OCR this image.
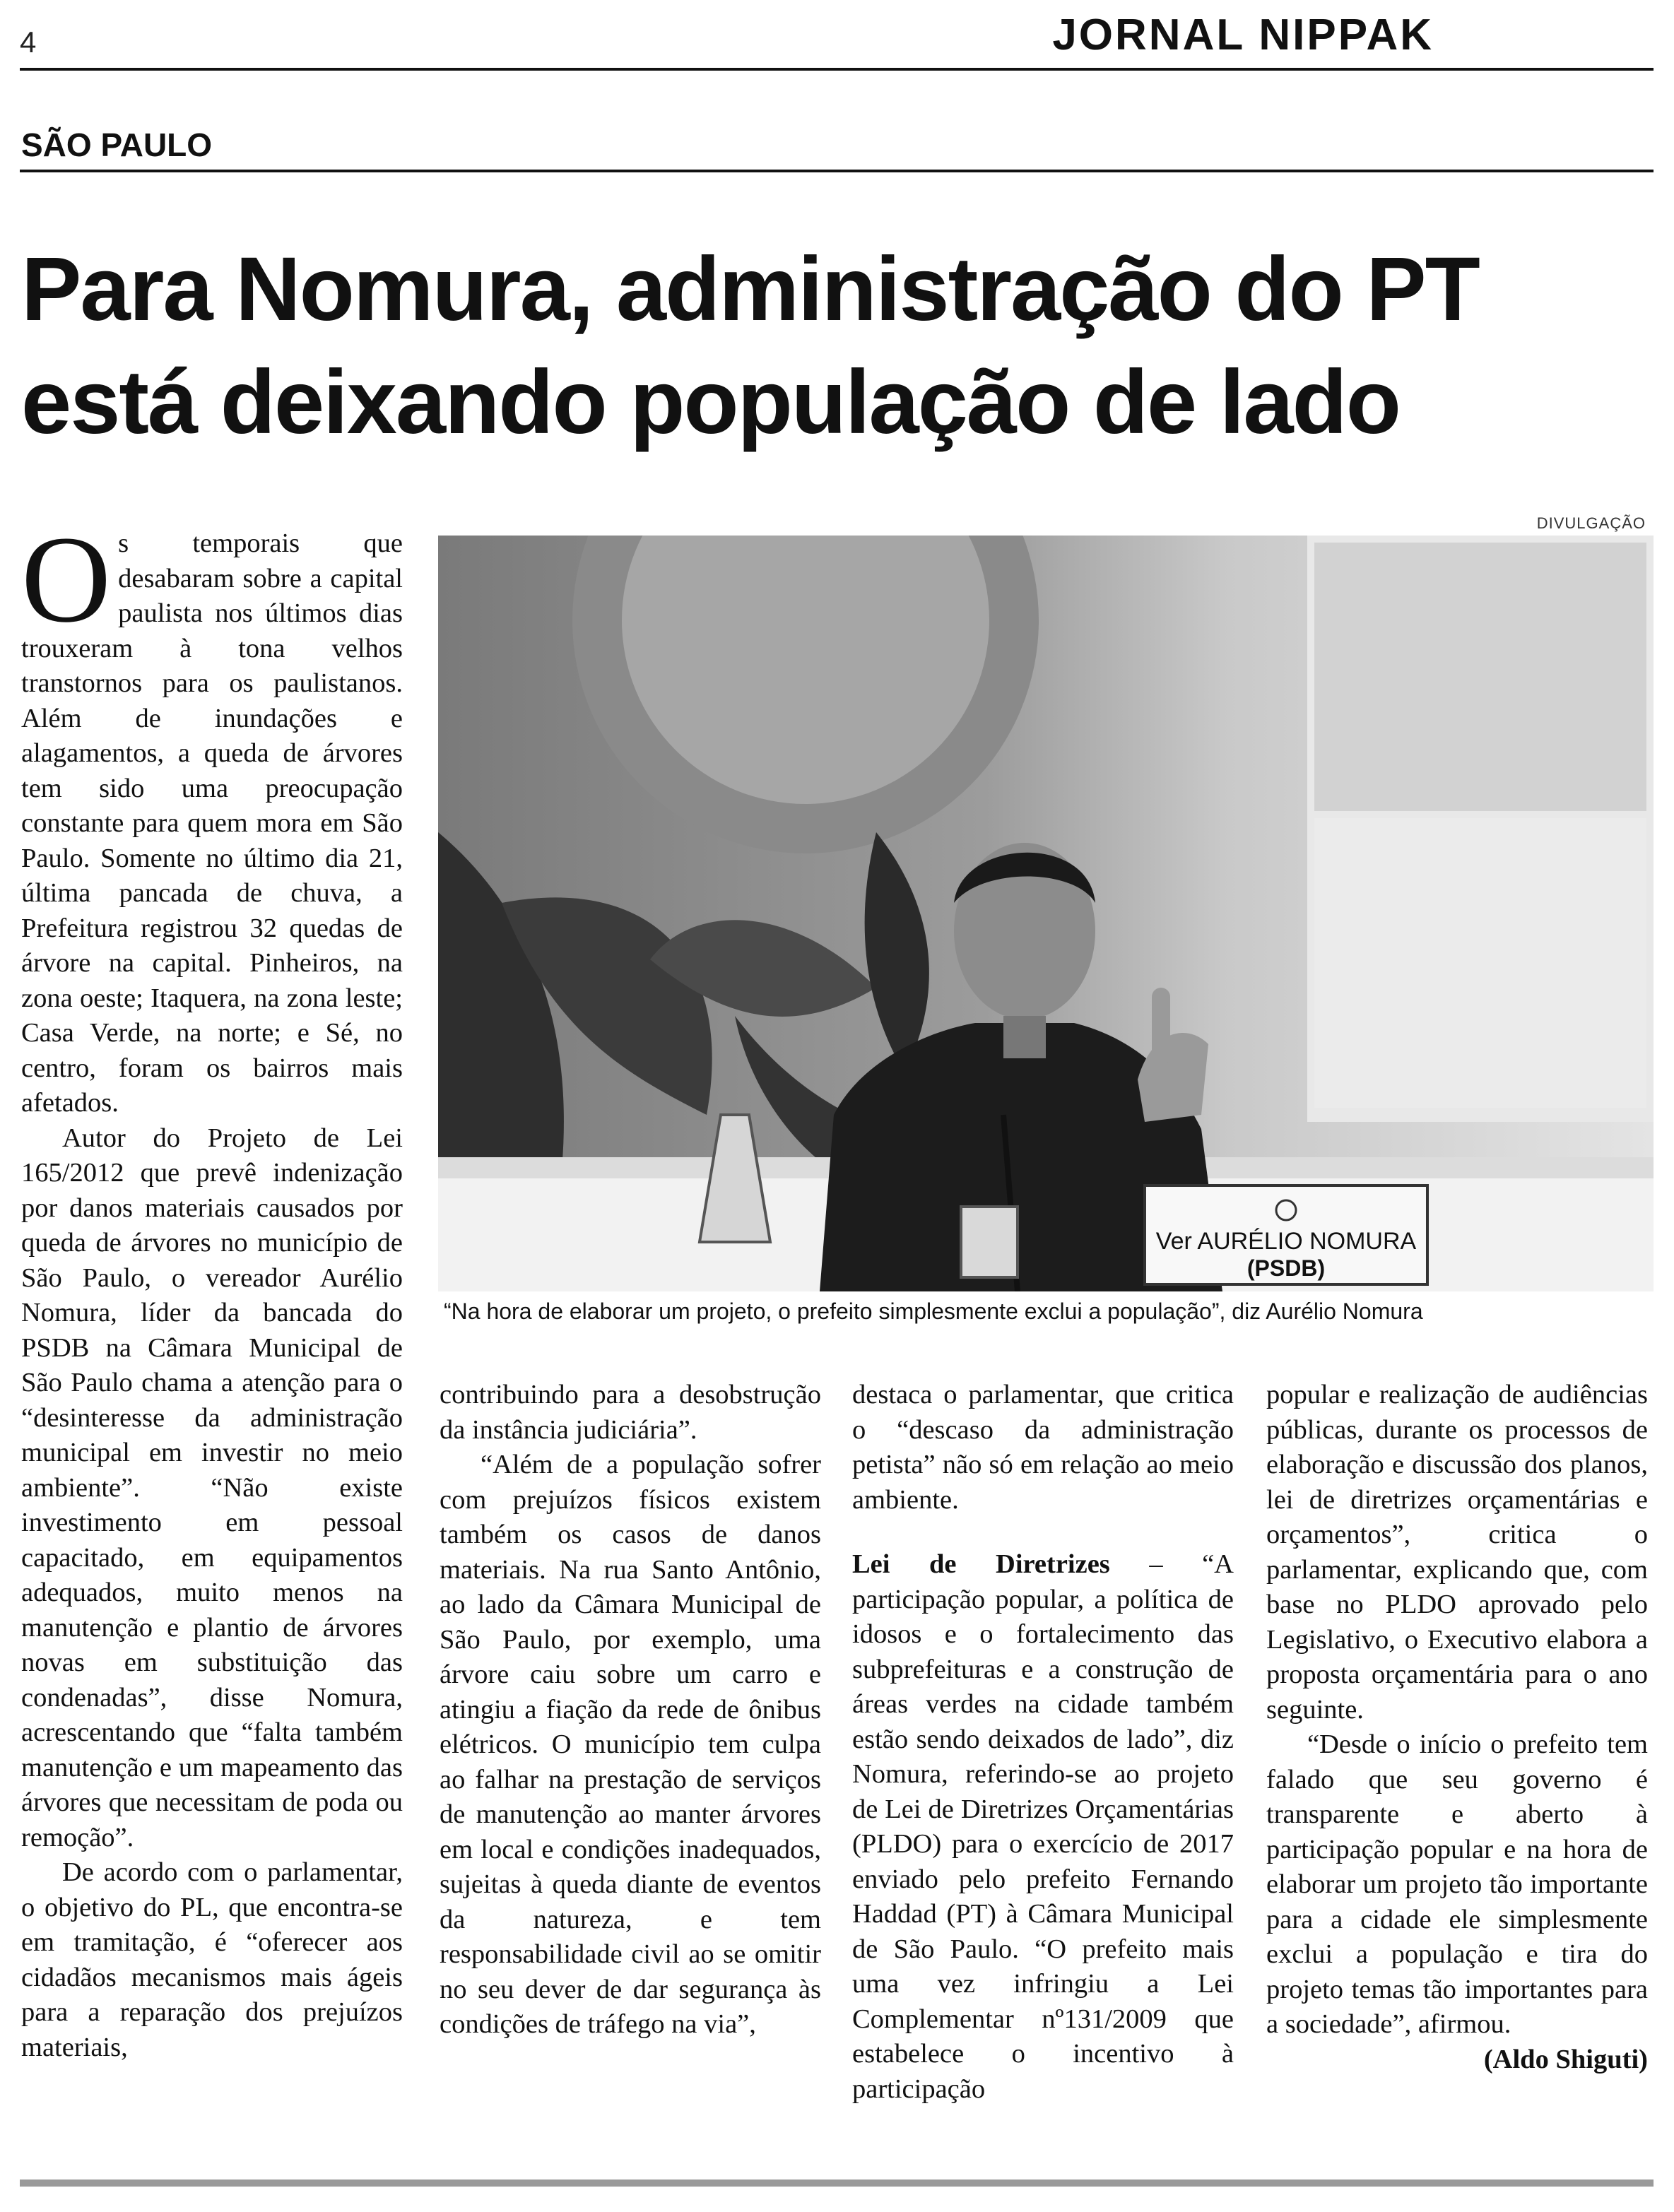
4	JORNAL NIPPAK
SÃO PAULO
Para Nomura, administração do PT está deixando população de lado
DIVULGAÇÃO
Ver AURÉLIO NOMURA
(PSDB)
“Na hora de elaborar um projeto, o prefeito simplesmente exclui a população”, diz Aurélio Nomura

Os temporais que desabaram sobre a capital paulista nos últimos dias trouxeram à tona velhos transtornos para os paulistanos. Além de inundações e alagamentos, a queda de árvores tem sido uma preocupação constante para quem mora em São Paulo. Somente no último dia 21, última pancada de chuva, a Prefeitura registrou 32 quedas de árvore na capital. Pinheiros, na zona oeste; Itaquera, na zona leste; Casa Verde, na norte; e Sé, no centro, foram os bairros mais afetados.

Autor do Projeto de Lei 165/2012 que prevê indenização por danos materiais causados por queda de árvores no município de São Paulo, o vereador Aurélio Nomura, líder da bancada do PSDB na Câmara Municipal de São Paulo chama a atenção para o “desinteresse da administração municipal em investir no meio ambiente”. “Não existe investimento em pessoal capacitado, em equipamentos adequados, muito menos na manutenção e plantio de árvores novas em substituição das condenadas”, disse Nomura, acrescentando que “falta também manutenção e um mapeamento das árvores que necessitam de poda ou remoção”.

De acordo com o parlamentar, o objetivo do PL, que encontra-se em tramitação, é “oferecer aos cidadãos mecanismos mais ágeis para a reparação dos prejuízos materiais,

contribuindo para a desobstrução da instância judiciária”.

“Além de a população sofrer com prejuízos físicos existem também os casos de danos materiais. Na rua Santo Antônio, ao lado da Câmara Municipal de São Paulo, por exemplo, uma árvore caiu sobre um carro e atingiu a fiação da rede de ônibus elétricos. O município tem culpa ao falhar na prestação de serviços de manutenção ao manter árvores em local e condições inadequados, sujeitas à queda diante de eventos da natureza, e tem responsabilidade civil ao se omitir no seu dever de dar segurança às condições de tráfego na via”,

destaca o parlamentar, que critica o “descaso da administração petista” não só em relação ao meio ambiente.

Lei de Diretrizes – “A participação popular, a política de idosos e o fortalecimento das subprefeituras e a construção de áreas verdes na cidade também estão sendo deixados de lado”, diz Nomura, referindo-se ao projeto de Lei de Diretrizes Orçamentárias (PLDO) para o exercício de 2017 enviado pelo prefeito Fernando Haddad (PT) à Câmara Municipal de São Paulo. “O prefeito mais uma vez infringiu a Lei Complementar nº131/2009 que estabelece o incentivo à participação

popular e realização de audiências públicas, durante os processos de elaboração e discussão dos planos, lei de diretrizes orçamentárias e orçamentos”, critica o parlamentar, explicando que, com base no PLDO aprovado pelo Legislativo, o Executivo elabora a proposta orçamentária para o ano seguinte.

“Desde o início o prefeito tem falado que seu governo é transparente e aberto à participação popular e na hora de elaborar um projeto tão importante para a cidade ele simplesmente exclui a população e tira do projeto temas tão importantes para a sociedade”, afirmou.

(Aldo Shiguti)
